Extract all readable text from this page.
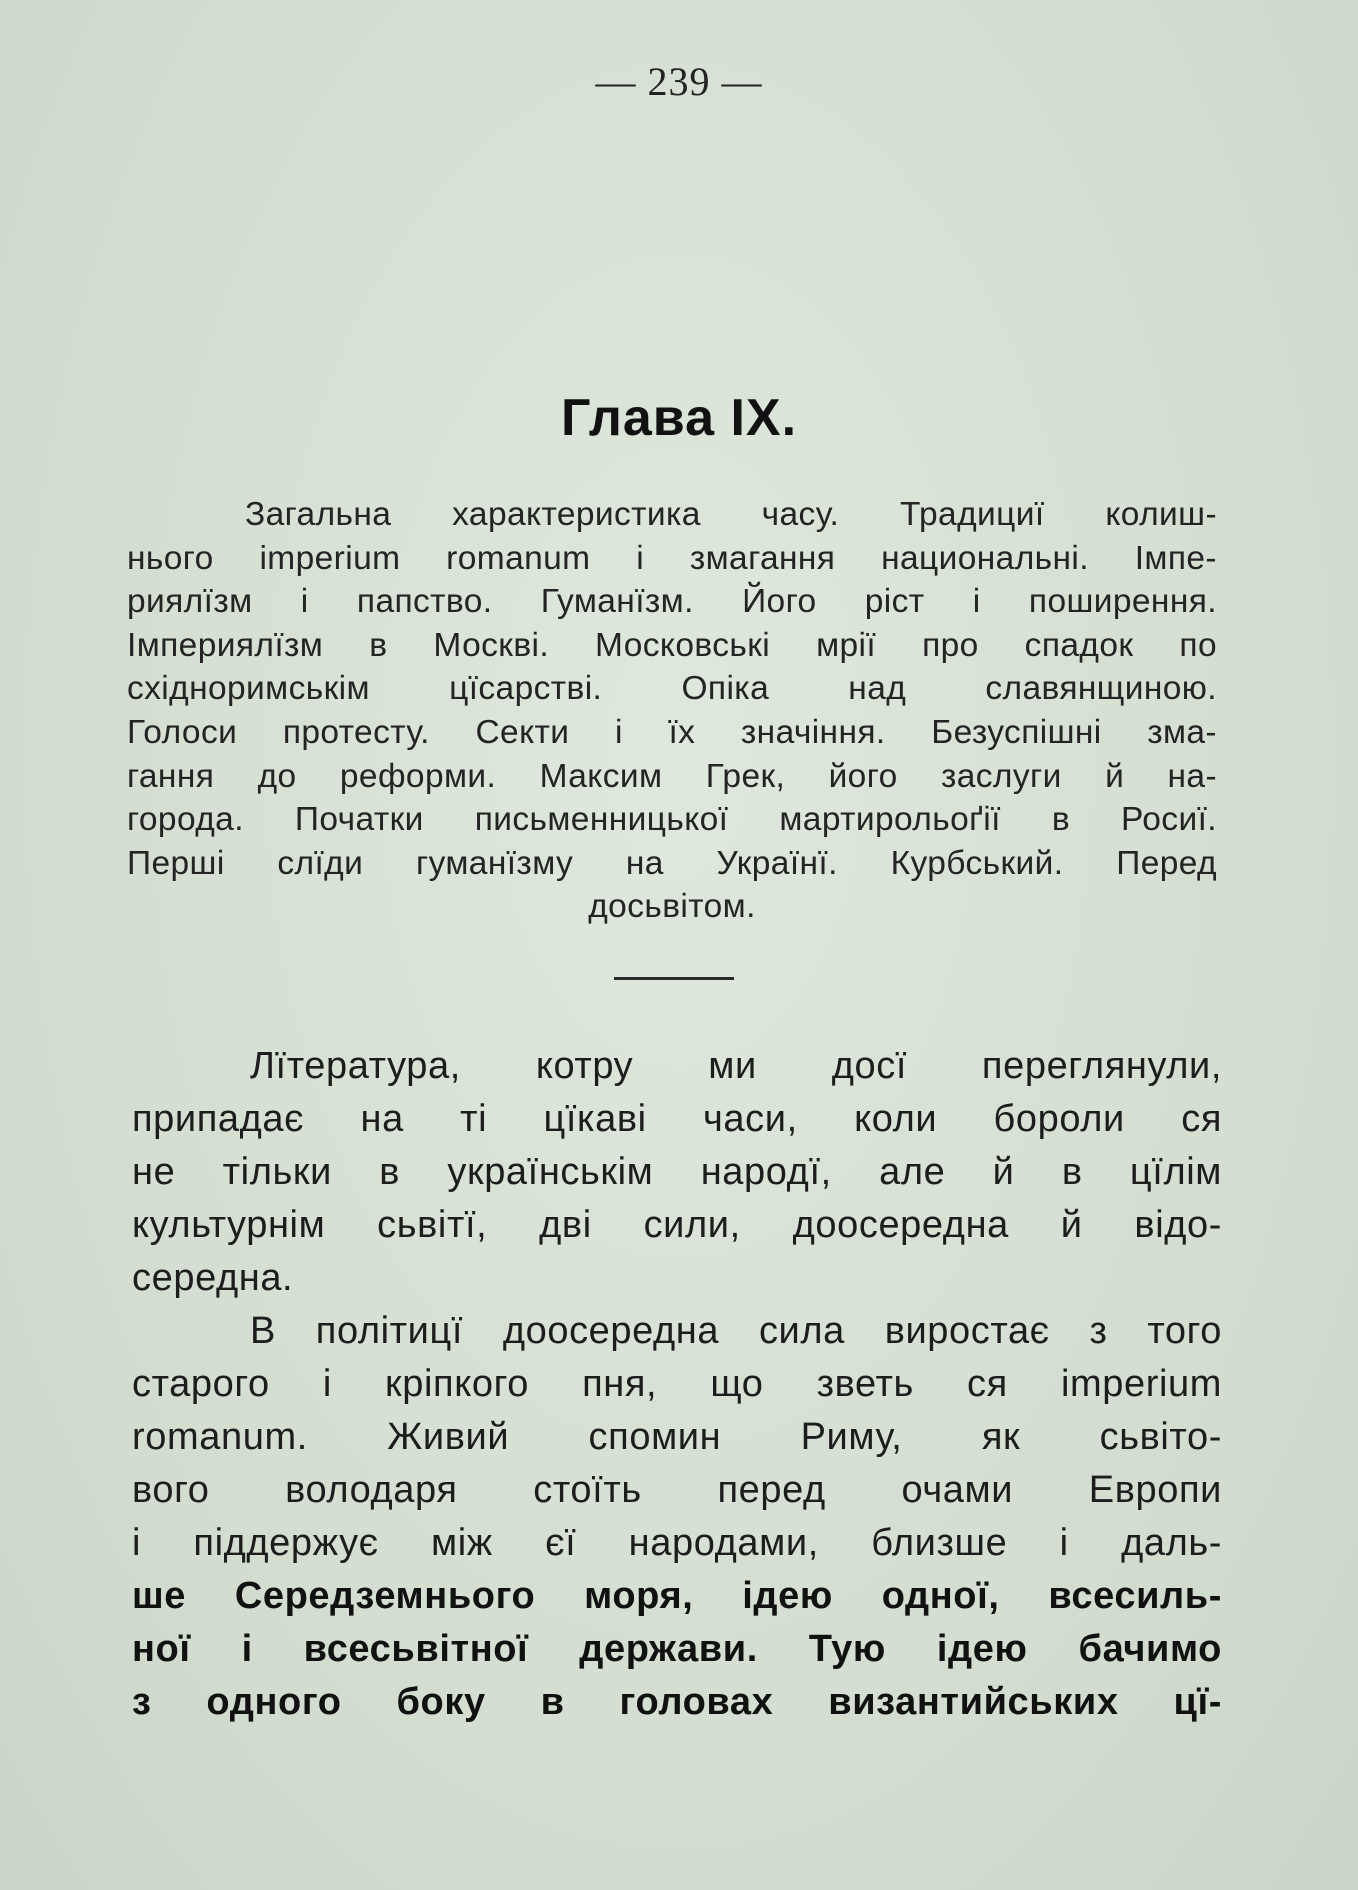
— 239 —
Глава IX.
Загальна характеристика часу. Традициї колиш-
нього imperium romanum і змагання национальні. Імпе-
риялїзм і папство. Гуманїзм. Його ріст і поширення.
Імпериялїзм в Москві. Московські мрії про спадок по
східноримськім цїсарстві. Опіка над славянщиною.
Голоси протесту. Секти і їх значіння. Безуспішні зма-
гання до реформи. Максим Грек, його заслуги й на-
города. Початки письменницької мартирольоґії в Росиї.
Перші слїди гуманїзму на Українї. Курбський. Перед
досьвітом.
Лїтература, котру ми досї переглянули,
припадає на ті цїкаві часи, коли бороли ся
не тільки в українськім народї, але й в цїлім
культурнім сьвітї, дві сили, доосередна й відо-
середна.
В політицї доосередна сила виростає з того
старого і кріпкого пня, що зветь ся imperium
romanum. Живий спомин Риму, як сьвіто-
вого володаря стоїть перед очами Европи
і піддержує між єї народами, близше і даль-
ше Середземнього моря, ідею одної, всесиль-
ної і всесьвітної держави. Тую ідею бачимо
з одного боку в головах византийських цї-
